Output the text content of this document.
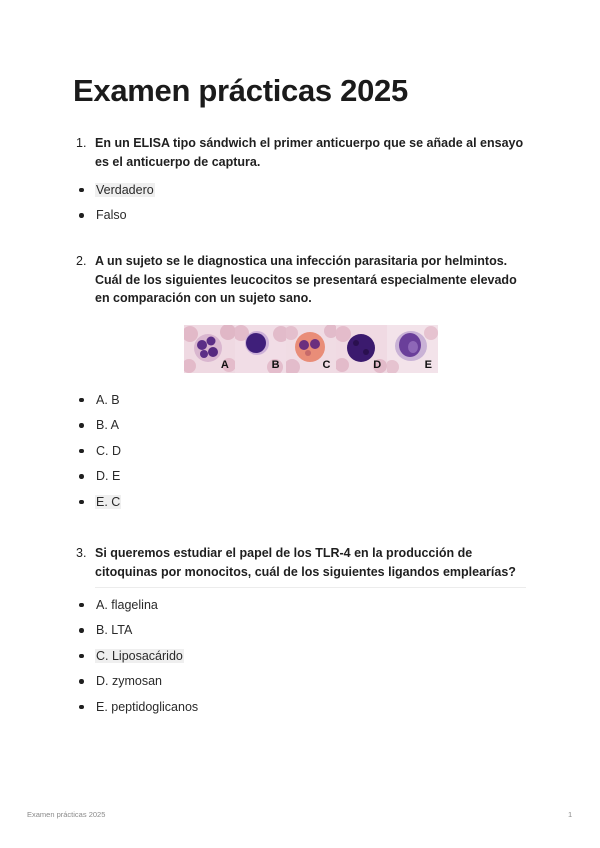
Examen prácticas 2025
1. En un ELISA tipo sándwich el primer anticuerpo que se añade al ensayo es el anticuerpo de captura.
Verdadero
Falso
2. A un sujeto se le diagnostica una infección parasitaria por helmintos. Cuál de los siguientes leucocitos se presentará especialmente elevado en comparación con un sujeto sano.
A	B	C	D	E
A. B
B. A
C. D
D. E
E. C
3. Si queremos estudiar el papel de los TLR-4 en la producción de citoquinas por monocitos, cuál de los siguientes ligandos emplearías?
A. flagelina
B. LTA
C. Liposacárido
D. zymosan
E. peptidoglicanos
Examen prácticas 2025	1
